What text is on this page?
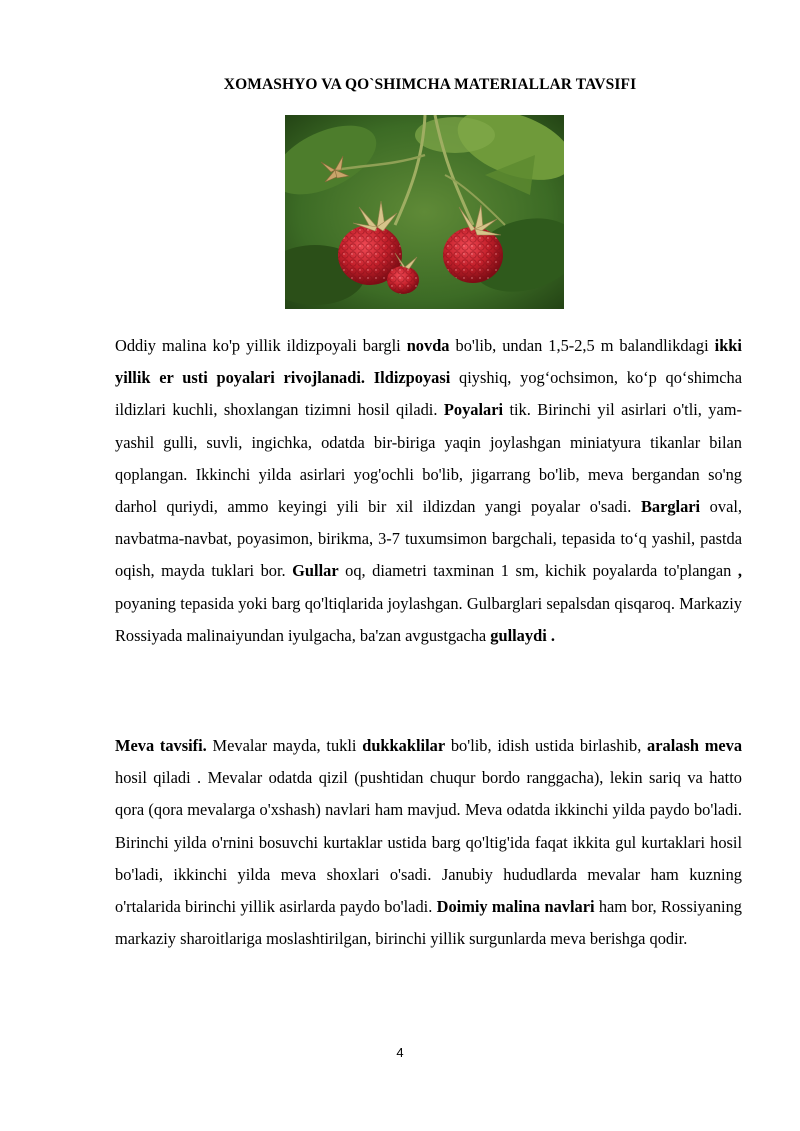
XOMASHYO VA QO`SHIMCHA MATERIALLAR TAVSIFI

Oddiy malina ko'p yillik ildizpoyali bargli novda bo'lib, undan 1,5-2,5 m balandlikdagi ikki yillik er usti poyalari rivojlanadi. Ildizpoyasi qiyshiq, yog‘ochsimon, ko‘p qo‘shimcha ildizlari kuchli, shoxlangan tizimni hosil qiladi. Poyalari tik. Birinchi yil asirlari o'tli, yam-yashil gulli, suvli, ingichka, odatda bir-biriga yaqin joylashgan miniatyura tikanlar bilan qoplangan. Ikkinchi yilda asirlari yog'ochli bo'lib, jigarrang bo'lib, meva bergandan so'ng darhol quriydi, ammo keyingi yili bir xil ildizdan yangi poyalar o'sadi. Barglari oval, navbatma-navbat, poyasimon, birikma, 3-7 tuxumsimon bargchali, tepasida to‘q yashil, pastda oqish, mayda tuklari bor. Gullar oq, diametri taxminan 1 sm, kichik poyalarda to'plangan , poyaning tepasida yoki barg qo'ltiqlarida joylashgan. Gulbarglari sepalsdan qisqaroq. Markaziy Rossiyada malinaiyundan iyulgacha, ba'zan avgustgacha gullaydi .

Meva tavsifi. Mevalar mayda, tukli dukkaklilar bo'lib, idish ustida birlashib, aralash meva hosil qiladi . Mevalar odatda qizil (pushtidan chuqur bordo ranggacha), lekin sariq va hatto qora (qora mevalarga o'xshash) navlari ham mavjud. Meva odatda ikkinchi yilda paydo bo'ladi. Birinchi yilda o'rnini bosuvchi kurtaklar ustida barg qo'ltig'ida faqat ikkita gul kurtaklari hosil bo'ladi, ikkinchi yilda meva shoxlari o'sadi. Janubiy hududlarda mevalar ham kuzning o'rtalarida birinchi yillik asirlarda paydo bo'ladi. Doimiy malina navlari ham bor, Rossiyaning markaziy sharoitlariga moslashtirilgan, birinchi yillik surgunlarda meva berishga qodir.

4
